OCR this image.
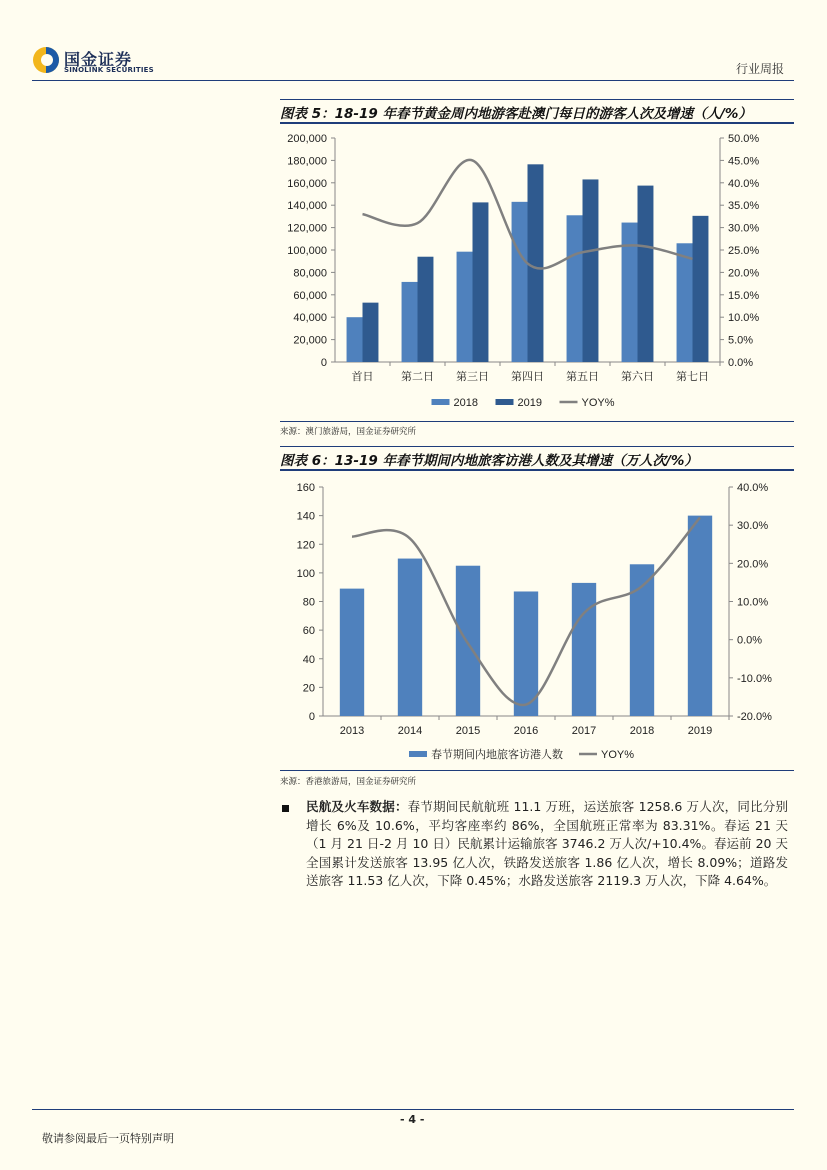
国金证券
SINOLINK SECURITIES	行业周报
图表 5：18-19 年春节黄金周内地游客赴澳门每日的游客人次及增速（人/%）
0
20,000
40,000
60,000
80,000
100,000
120,000
140,000
160,000
180,000
200,000
0.0%
5.0%
10.0%
15.0%
20.0%
25.0%
30.0%
35.0%
40.0%
45.0%
50.0%
首日	第二日 第三日 第四日 第五日 第六日 第七日
2018	2019	YOY%
来源：澳门旅游局，国金证券研究所
图表 6：13-19 年春节期间内地旅客访港人数及其增速（万人次/%）
0
20
40
60
80
100
120
140
160
-20.0%
-10.0%
0.0%
10.0%
20.0%
30.0%
40.0%
2013	2014	2015	2016	2017	2018	2019
春节期间内地旅客访港人数	YOY%
来源：香港旅游局，国金证券研究所
民航及火车数据：春节期间民航航班 11.1 万班，运送旅客 1258.6 万人次，同比分别增长 6%及 10.6%，平均客座率约 86%，全国航班正常率为 83.31%。春运 21 天（1 月 21 日-2 月 10 日）民航累计运输旅客 3746.2 万人次/+10.4%。春运前 20 天全国累计发送旅客 13.95 亿人次，铁路发送旅客 1.86 亿人次，增长 8.09%；道路发送旅客 11.53 亿人次，下降 0.45%；水路发送旅客 2119.3 万人次，下降 4.64%。
- 4 -
敬请参阅最后一页特别声明
